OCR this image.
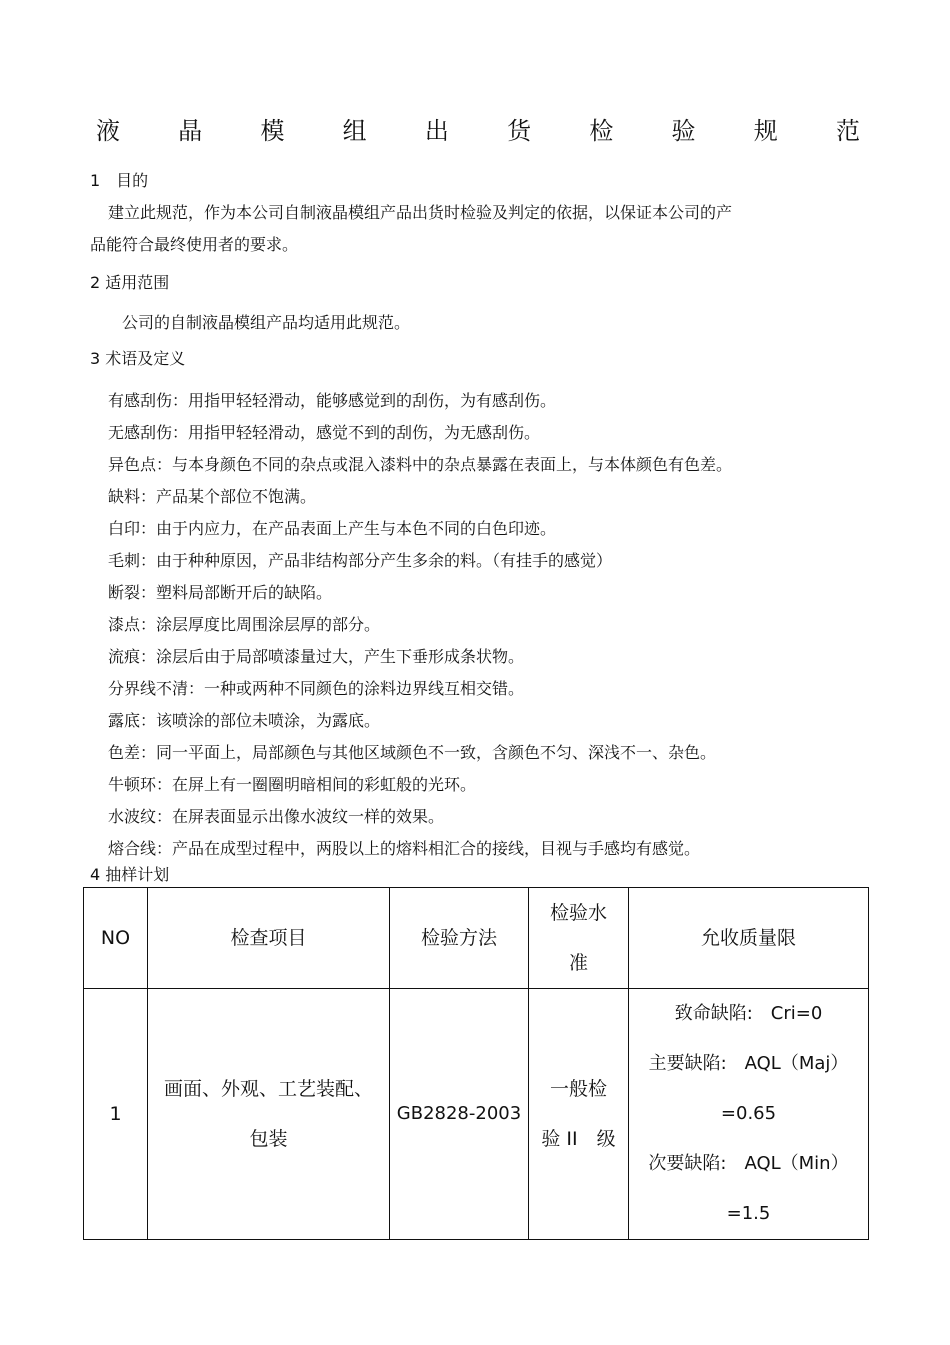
液 晶 模 组 出 货 检 验 规 范
1　目的
建立此规范，作为本公司自制液晶模组产品出货时检验及判定的依据，以保证本公司的产
品能符合最终使用者的要求。
2 适用范围
公司的自制液晶模组产品均适用此规范。
3 术语及定义
有感刮伤：用指甲轻轻滑动，能够感觉到的刮伤，为有感刮伤。
无感刮伤：用指甲轻轻滑动，感觉不到的刮伤，为无感刮伤。
异色点：与本身颜色不同的杂点或混入漆料中的杂点暴露在表面上，与本体颜色有色差。
缺料：产品某个部位不饱满。
白印：由于内应力，在产品表面上产生与本色不同的白色印迹。
毛刺：由于种种原因，产品非结构部分产生多余的料。（有挂手的感觉）
断裂：塑料局部断开后的缺陷。
漆点：涂层厚度比周围涂层厚的部分。
流痕：涂层后由于局部喷漆量过大，产生下垂形成条状物。
分界线不清：一种或两种不同颜色的涂料边界线互相交错。
露底：该喷涂的部位未喷涂，为露底。
色差：同一平面上，局部颜色与其他区域颜色不一致，含颜色不匀、深浅不一、杂色。
牛顿环：在屏上有一圈圈明暗相间的彩虹般的光环。
水波纹：在屏表面显示出像水波纹一样的效果。
熔合线：产品在成型过程中，两股以上的熔料相汇合的接线，目视与手感均有感觉。
4 抽样计划
NO	检查项目	检验方法	检验水
准	允收质量限
1	画面、外观、工艺装配、
包装	GB2828-2003	一般检
验 II　级	致命缺陷:　Cri=0
主要缺陷:　AQL（Maj）
=0.65
次要缺陷:　AQL（Min）
=1.5
